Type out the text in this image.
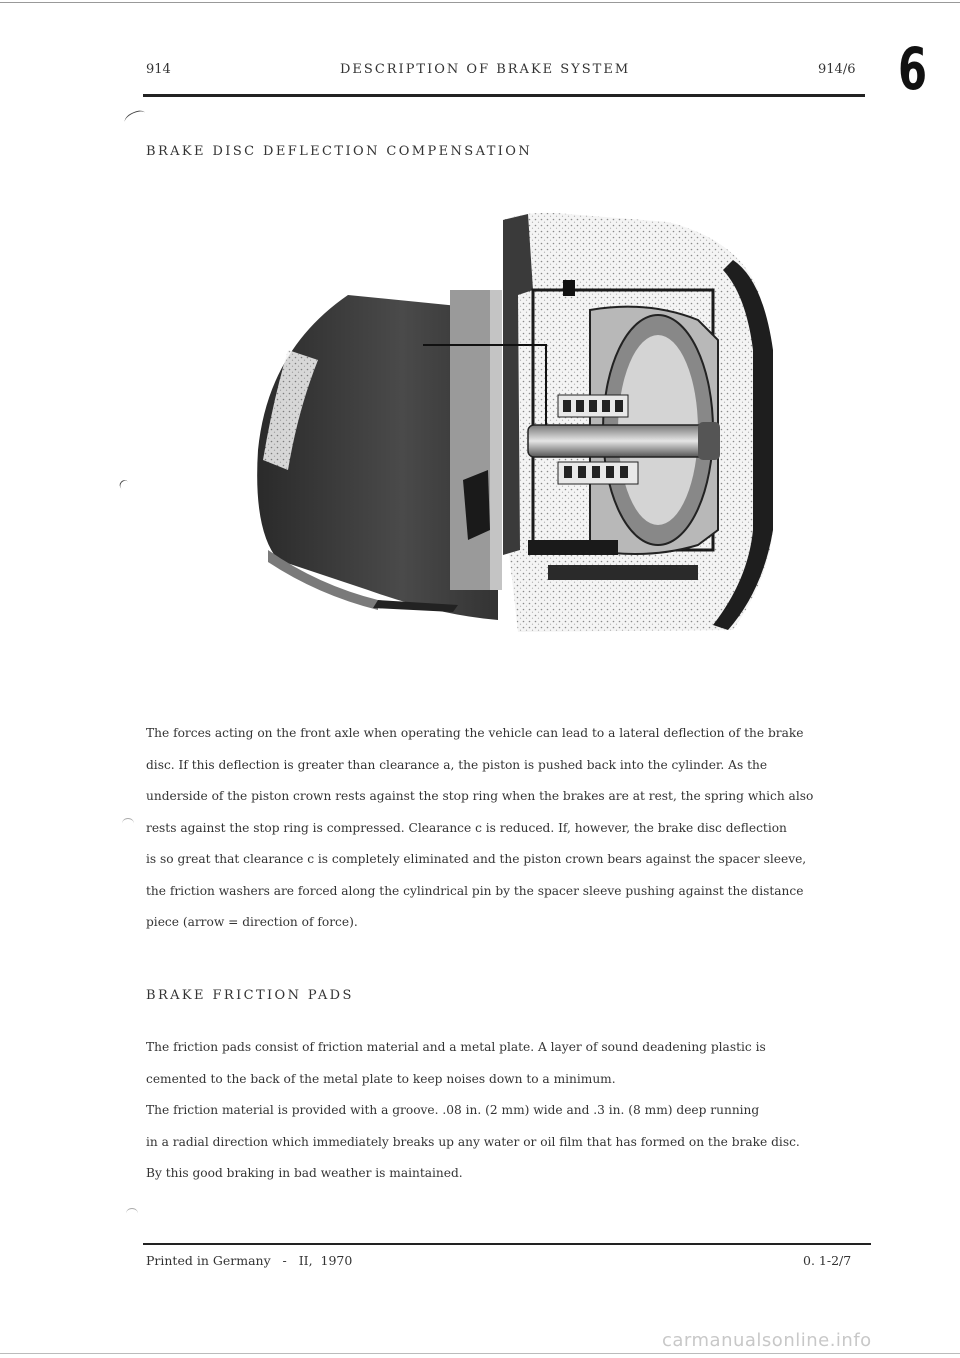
914	DESCRIPTION OF BRAKE SYSTEM	914/6 6
BRAKE DISC DEFLECTION COMPENSATION

The forces acting on the front axle when operating the vehicle can lead to a lateral deflection of the brake

disc. If this deflection is greater than clearance a, the piston is pushed back into the cylinder. As the

underside of the piston crown rests against the stop ring when the brakes are at rest, the spring which also

rests against the stop ring is compressed. Clearance c is reduced. If, however, the brake disc deflection

is so great that clearance c is completely eliminated and the piston crown bears against the spacer sleeve,

the friction washers are forced along the cylindrical pin by the spacer sleeve pushing against the distance

piece (arrow = direction of force).

BRAKE FRICTION PADS

The friction pads consist of friction material and a metal plate. A layer of sound deadening plastic is

cemented to the back of the metal plate to keep noises down to a minimum.

The friction material is provided with a groove. .08 in. (2 mm) wide and .3 in. (8 mm) deep running

in a radial direction which immediately breaks up any water or oil film that has formed on the brake disc.

By this good braking in bad weather is maintained.

Printed in Germany   -   II,  1970	0. 1-2/7
carmanualsonline.info
